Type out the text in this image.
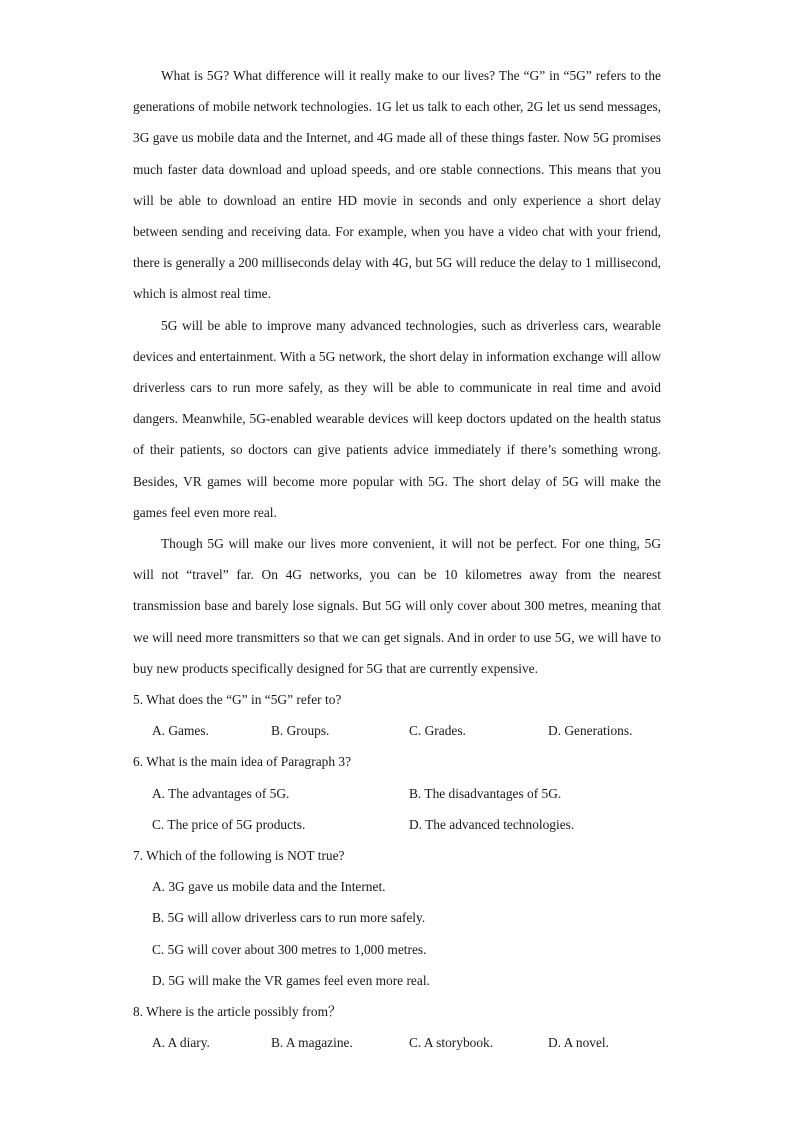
What is 5G? What difference will it really make to our lives? The “G” in “5G” refers to the generations of mobile network technologies. 1G let us talk to each other, 2G let us send messages, 3G gave us mobile data and the Internet, and 4G made all of these things faster. Now 5G promises much faster data download and upload speeds, and ore stable connections. This means that you will be able to download an entire HD movie in seconds and only experience a short delay between sending and receiving data. For example, when you have a video chat with your friend, there is generally a 200 milliseconds delay with 4G, but 5G will reduce the delay to 1 millisecond, which is almost real time.

5G will be able to improve many advanced technologies, such as driverless cars, wearable devices and entertainment. With a 5G network, the short delay in information exchange will allow driverless cars to run more safely, as they will be able to communicate in real time and avoid dangers. Meanwhile, 5G-enabled wearable devices will keep doctors updated on the health status of their patients, so doctors can give patients advice immediately if there’s something wrong. Besides, VR games will become more popular with 5G. The short delay of 5G will make the games feel even more real.

Though 5G will make our lives more convenient, it will not be perfect. For one thing, 5G will not “travel” far. On 4G networks, you can be 10 kilometres away from the nearest transmission base and barely lose signals. But 5G will only cover about 300 metres, meaning that we will need more transmitters so that we can get signals. And in order to use 5G, we will have to buy new products specifically designed for 5G that are currently expensive.

5. What does the “G” in “5G” refer to?

A. Games.	B. Groups.	C. Grades.	D. Generations.

6. What is the main idea of Paragraph 3?

A. The advantages of 5G.	B. The disadvantages of 5G.
C. The price of 5G products.	D. The advanced technologies.

7. Which of the following is NOT true?

A. 3G gave us mobile data and the Internet.
B. 5G will allow driverless cars to run more safely.
C. 5G will cover about 300 metres to 1,000 metres.
D. 5G will make the VR games feel even more real.

8. Where is the article possibly from？

A. A diary.	B. A magazine.	C. A storybook.	D. A novel.
